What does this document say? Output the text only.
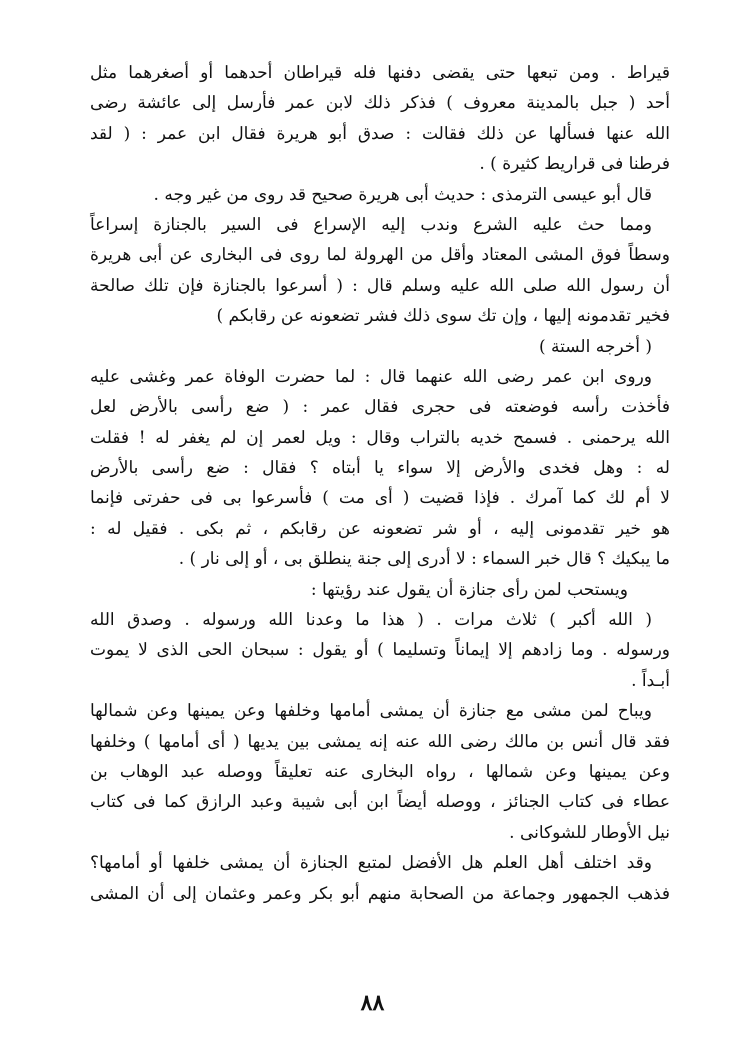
قيراط . ومن تبعها حتى يقضى دفنها فله قيراطان أحدهما أو أصغرهما مثل
أحد ( جبل بالمدينة معروف ) فذكر ذلك لابن عمر فأرسل إلى عائشة رضى
الله عنها فسألها عن ذلك فقالت : صدق أبو هريرة فقال ابن عمر : ( لقد
فرطنا فى قراريط كثيرة ) .
قال أبو عيسى الترمذى : حديث أبى هريرة صحيح قد روى من غير وجه .
ومما حث عليه الشرع وندب إليه الإسراع فى السير بالجنازة إسراعاً
وسطاً فوق المشى المعتاد وأقل من الهرولة لما روى فى البخارى عن أبى هريرة
أن رسول الله صلى الله عليه وسلم قال : ( أسرعوا بالجنازة فإن تلك صالحة
فخير تقدمونه إليها ، وإن تك سوى ذلك فشر تضعونه عن رقابكم )
( أخرجه الستة )
وروى ابن عمر رضى الله عنهما قال : لما حضرت الوفاة عمر وغشى عليه
فأخذت رأسه فوضعته فى حجرى فقال عمر : ( ضع رأسى بالأرض لعل
الله يرحمنى . فسمح خديه بالتراب وقال : ويل لعمر إن لم يغفر له ! فقلت
له : وهل فخدى والأرض إلا سواء يا أبتاه ؟ فقال : ضع رأسى بالأرض
لا أم لك كما آمرك . فإذا قضيت ( أى مت ) فأسرعوا بى فى حفرتى فإنما
هو خير تقدمونى إليه ، أو شر تضعونه عن رقابكم ، ثم بكى . فقيل له :
ما يبكيك ؟ قال خبر السماء : لا أدرى إلى جنة ينطلق بى ، أو إلى نار ) .
ويستحب لمن رأى جنازة أن يقول عند رؤيتها :
( الله أكبر ) ثلاث مرات . ( هذا ما وعدنا الله ورسوله . وصدق الله
ورسوله . وما زادهم إلا إيماناً وتسليما ) أو يقول : سبحان الحى الذى لا يموت
أبـداً .
ويباح لمن مشى مع جنازة أن يمشى أمامها وخلفها وعن يمينها وعن شمالها
فقد قال أنس بن مالك رضى الله عنه إنه يمشى بين يديها ( أى أمامها ) وخلفها
وعن يمينها وعن شمالها ، رواه البخارى عنه تعليقاً ووصله عبد الوهاب بن
عطاء فى كتاب الجنائز ، ووصله أيضاً ابن أبى شيبة وعبد الرازق كما فى كتاب
نيل الأوطار للشوكانى .
وقد اختلف أهل العلم هل الأفضل لمتبع الجنازة أن يمشى خلفها أو أمامها؟
فذهب الجمهور وجماعة من الصحابة منهم أبو بكر وعمر وعثمان إلى أن المشى
٨٨
